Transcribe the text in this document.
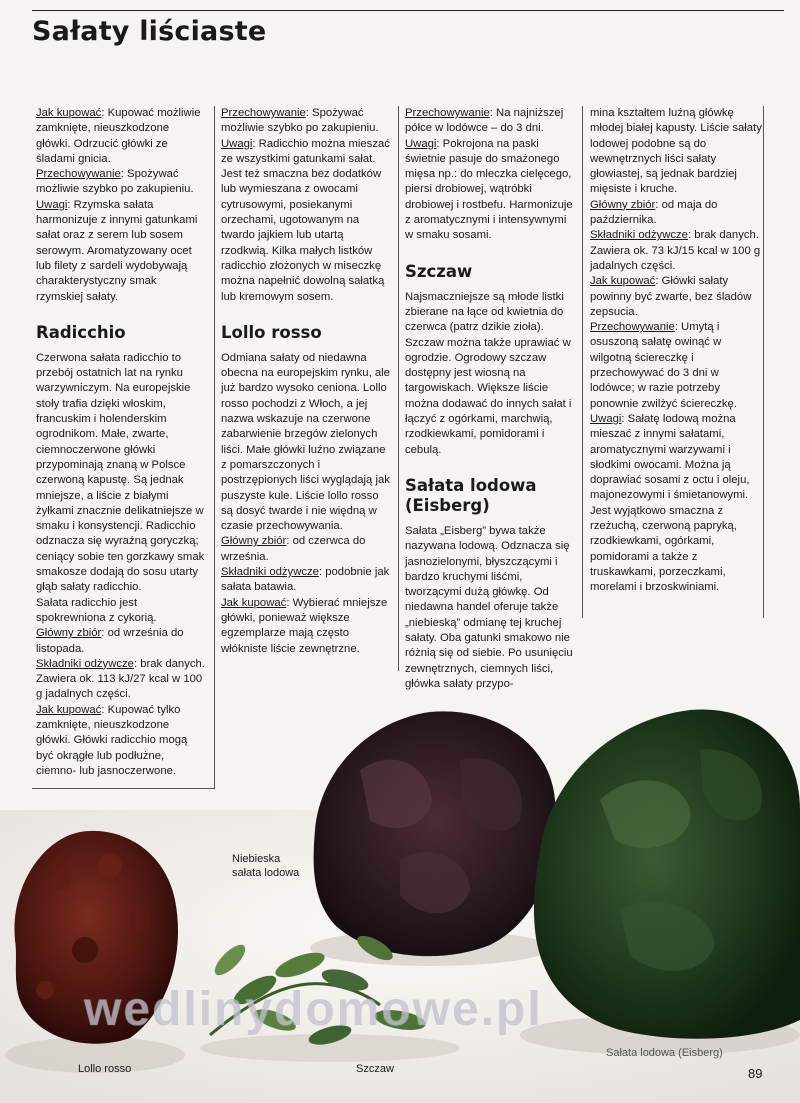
Sałaty liściaste
wedlinydomowe.pl

Jak kupować: Kupować możliwie zamknięte, nieuszkodzone główki. Odrzucić główki ze śladami gnicia.

Przechowywanie: Spożywać możliwie szybko po zakupieniu.

Uwagi: Rzymska sałata harmonizuje z innymi gatunkami sałat oraz z serem lub sosem serowym. Aromatyzowany ocet lub filety z sardeli wydobywają charakterystyczny smak rzymskiej sałaty.

Radicchio

Czerwona sałata radicchio to przebój ostatnich lat na rynku warzywniczym. Na europejskie stoły trafia dzięki włoskim, francuskim i holenderskim ogrodnikom. Małe, zwarte, ciemnoczerwone główki przypominają znaną w Polsce czerwoną kapustę. Są jednak mniejsze, a liście z białymi żyłkami znacznie delikatniejsze w smaku i konsystencji. Radicchio odznacza się wyraźną goryczką; ceniący sobie ten gorzkawy smak smakosze dodają do sosu utarty głąb sałaty radicchio.

Sałata radicchio jest spokrewniona z cykorią.

Główny zbiór: od września do listopada.

Składniki odżywcze: brak danych.

Zawiera ok. 113 kJ/27 kcal w 100 g jadalnych części.

Jak kupować: Kupować tylko zamknięte, nieuszkodzone główki. Główki radicchio mogą być okrągłe lub podłużne, ciemno- lub jasnoczerwone.

Przechowywanie: Spożywać możliwie szybko po zakupieniu.

Uwagi: Radicchio można mieszać ze wszystkimi gatunkami sałat. Jest też smaczna bez dodatków lub wymieszana z owocami cytrusowymi, posiekanymi orzechami, ugotowanym na twardo jajkiem lub utartą rzodkwią. Kilka małych listków radicchio złożonych w miseczkę można napełnić dowolną sałatką lub kremowym sosem.

Lollo rosso

Odmiana sałaty od niedawna obecna na europejskim rynku, ale już bardzo wysoko ceniona. Lollo rosso pochodzi z Włoch, a jej nazwa wskazuje na czerwone zabarwienie brzegów zielonych liści. Małe główki luźno związane z pomarszczonych i postrzępionych liści wyglądają jak puszyste kule. Liście lollo rosso są dosyć twarde i nie więdną w czasie przechowywania.

Główny zbiór: od czerwca do września.

Składniki odżywcze: podobnie jak sałata batawia.

Jak kupować: Wybierać mniejsze główki, ponieważ większe egzemplarze mają często włókniste liście zewnętrzne.

Przechowywanie: Na najniższej półce w lodówce – do 3 dni.

Uwagi: Pokrojona na paski świetnie pasuje do smażonego mięsa np.: do mleczka cielęcego, piersi drobiowej, wątróbki drobiowej i rostbefu. Harmonizuje z aromatycznymi i intensywnymi w smaku sosami.

Szczaw

Najsmaczniejsze są młode listki zbierane na łące od kwietnia do czerwca (patrz dzikie zioła). Szczaw można także uprawiać w ogrodzie. Ogrodowy szczaw dostępny jest wiosną na targowiskach. Większe liście można dodawać do innych sałat i łączyć z ogórkami, marchwią, rzodkiewkami, pomidorami i cebulą.

Sałata lodowa
(Eisberg)

Sałata „Eisberg” bywa także nazywana lodową. Odznacza się jasnozielonymi, błyszczącymi i bardzo kruchymi liśćmi, tworzącymi dużą główkę. Od niedawna handel oferuje także „niebieską” odmianę tej kruchej sałaty. Oba gatunki smakowo nie różnią się od siebie. Po usunięciu zewnętrznych, ciemnych liści, główka sałaty przypo-

mina kształtem luźną główkę młodej białej kapusty. Liście sałaty lodowej podobne są do wewnętrznych liści sałaty głowiastej, są jednak bardziej mięsiste i kruche.

Główny zbiór: od maja do października.

Składniki odżywcze: brak danych.

Zawiera ok. 73 kJ/15 kcal w 100 g jadalnych części.

Jak kupować: Główki sałaty powinny być zwarte, bez śladów zepsucia.

Przechowywanie: Umytą i osuszoną sałatę owinąć w wilgotną ściereczkę i przechowywać do 3 dni w lodówce; w razie potrzeby ponownie zwilżyć ściereczkę.

Uwagi: Sałatę lodową można mieszać z innymi sałatami, aromatycznymi warzywami i słodkimi owocami. Można ją doprawiać sosami z octu i oleju, majonezowymi i śmietanowymi. Jest wyjątkowo smaczna z rzeżuchą, czerwoną papryką, rzodkiewkami, ogórkami, pomidorami a także z truskawkami, porzeczkami, morelami i brzoskwiniami.

Lollo rosso
Niebieska
sałata lodowa
Szczaw
Sałata lodowa (Eisberg)
89
